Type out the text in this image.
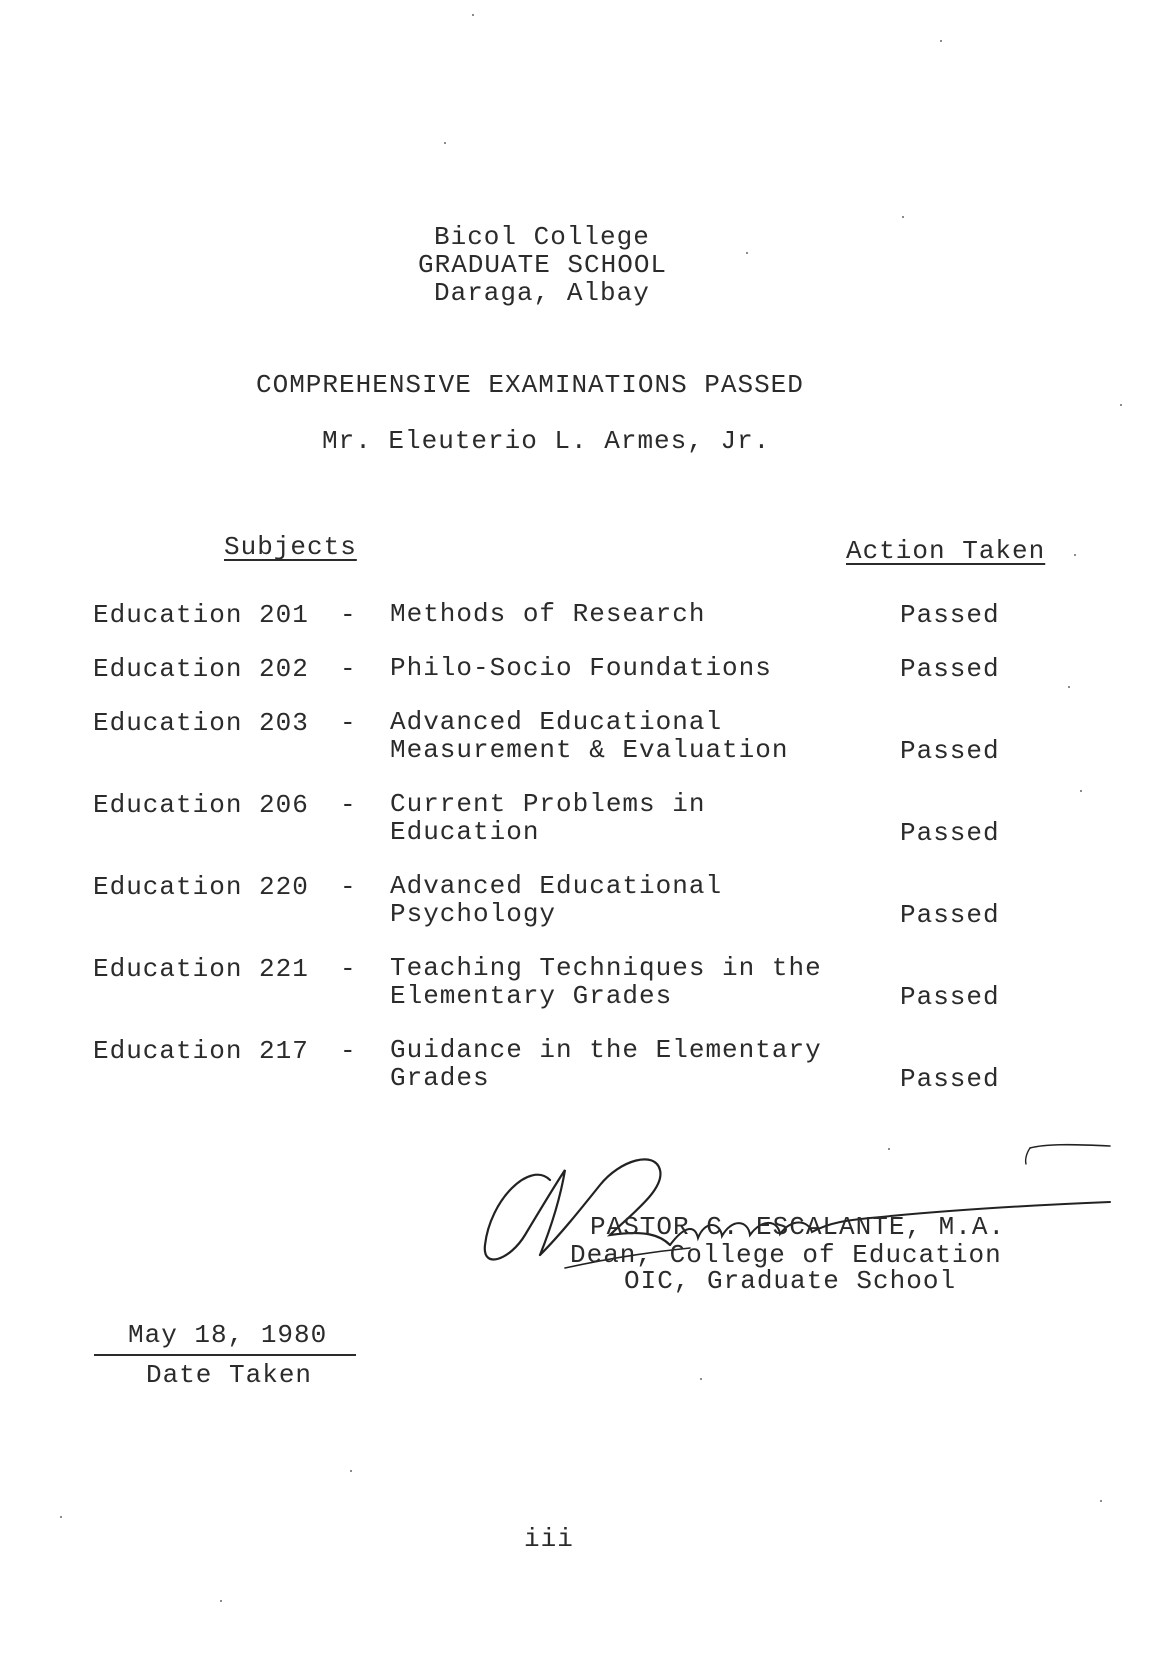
Bicol College
GRADUATE SCHOOL
Daraga, Albay
COMPREHENSIVE EXAMINATIONS PASSED
Mr. Eleuterio L. Armes, Jr.
Subjects	Action Taken
Education 201 - Methods of Research	Passed
Education 202 - Philo-Socio Foundations	Passed
Education 203 - Advanced Educational
Measurement & Evaluation	Passed
Education 206 - Current Problems in
Education	Passed
Education 220 - Advanced Educational
Psychology	Passed
Education 221 - Teaching Techniques in the
Elementary Grades	Passed
Education 217 - Guidance in the Elementary
Grades	Passed
PASTOR C. ESCALANTE, M.A.
Dean, College of Education
OIC, Graduate School
May 18, 1980
Date Taken
iii
